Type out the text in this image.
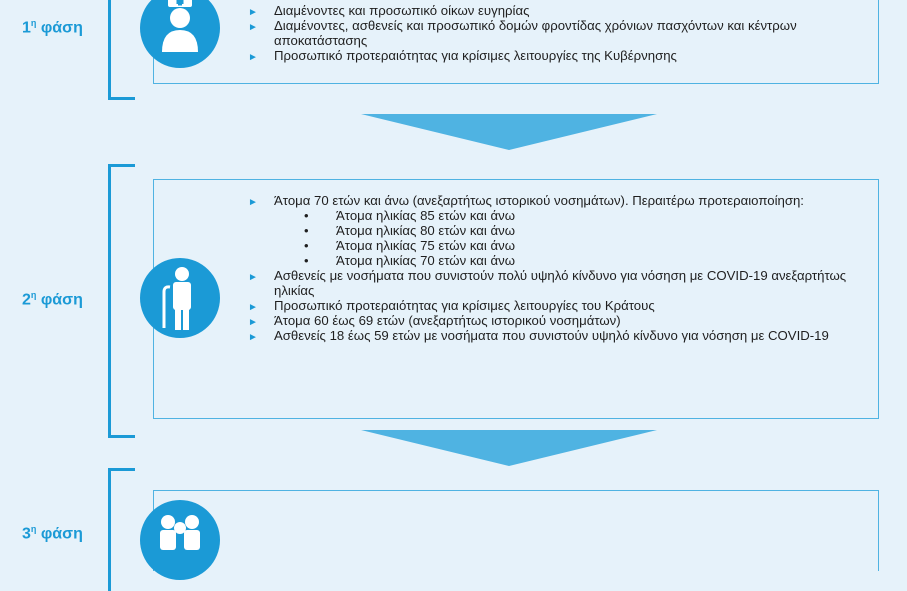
$1^\eta$ φάση
► Διαμένοντες και προσωπικό οίκων ευγηρίας
► Διαμένοντες, ασθενείς και προσωπικό δομών φροντίδας χρόνιων πασχόντων και κέντρων αποκατάστασης
► Προσωπικό προτεραιότητας για κρίσιμες λειτουργίες της Κυβέρνησης
$2^\eta$ φάση
► Άτομα 70 ετών και άνω (ανεξαρτήτως ιστορικού νοσημάτων). Περαιτέρω προτεραιοποίηση:
• Άτομα ηλικίας 85 ετών και άνω
• Άτομα ηλικίας 80 ετών και άνω
• Άτομα ηλικίας 75 ετών και άνω
• Άτομα ηλικίας 70 ετών και άνω
► Ασθενείς με νοσήματα που συνιστούν πολύ υψηλό κίνδυνο για νόσηση με COVID-19 ανεξαρτήτως ηλικίας
► Προσωπικό προτεραιότητας για κρίσιμες λειτουργίες του Κράτους
► Άτομα 60 έως 69 ετών (ανεξαρτήτως ιστορικού νοσημάτων)
► Ασθενείς 18 έως 59 ετών με νοσήματα που συνιστούν υψηλό κίνδυνο για νόσηση με COVID-19
$3^\eta$ φάση
